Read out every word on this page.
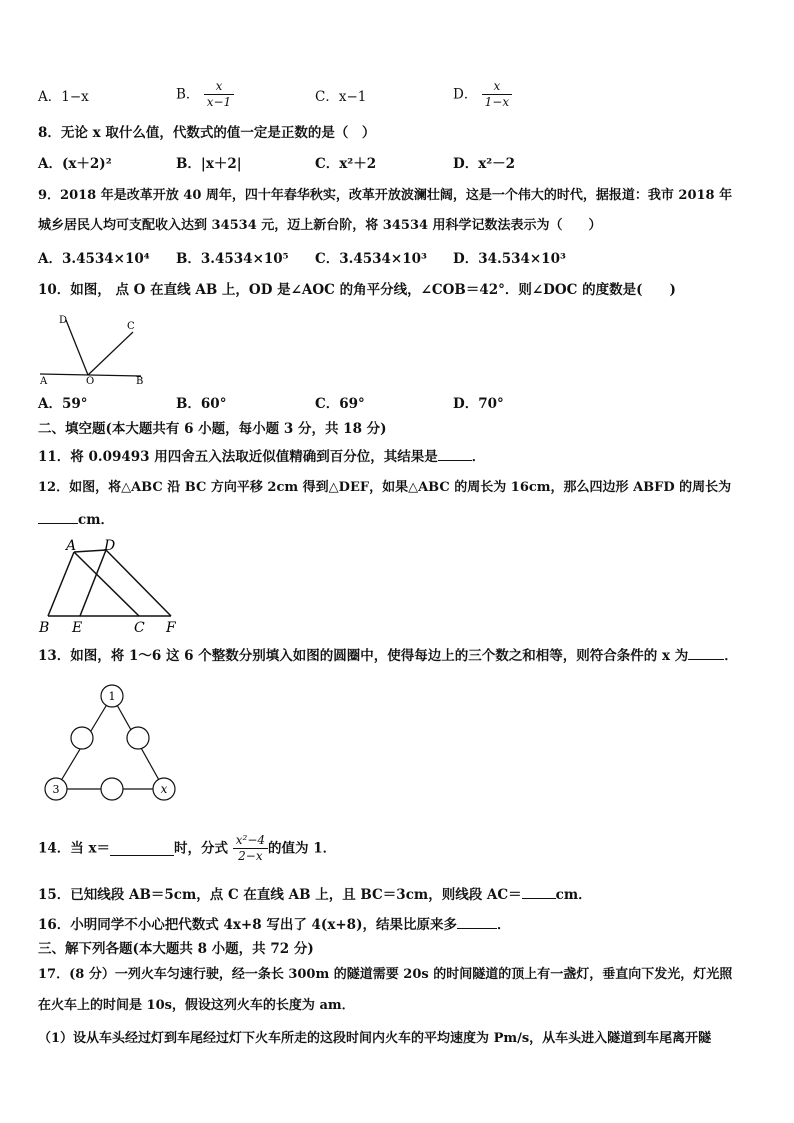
A．1−x	B． $\frac{x}{x-1}$	C．x−1	D． $\frac{x}{1-x}$
8．无论 x 取什么值，代数式的值一定是正数的是（　）
A．(x＋2)²	B．|x＋2|	C．x²＋2	D．x²－2
9．2018 年是改革开放 40 周年，四十年春华秋实，改革开放波澜壮阔，这是一个伟大的时代，据报道：我市 2018 年
城乡居民人均可支配收入达到 34534 元，迈上新台阶，将 34534 用科学记数法表示为（　　）
A．3.4534×10⁴ B．3.4534×10⁵ C．3.4534×10³ D．34.534×10³
10．如图， 点 O 在直线 AB 上，OD 是∠AOC 的角平分线，∠COB＝42°．则∠DOC 的度数是(　　)
A	O	B
C
D
A．59°	B．60°	C．69°	D．70°
二、填空题(本大题共有 6 小题，每小题 3 分，共 18 分)
11．将 0.09493 用四舍五入法取近似值精确到百分位，其结果是	．
12．如图，将△ABC 沿 BC 方向平移 2cm 得到△DEF，如果△ABC 的周长为 16cm，那么四边形 ABFD 的周长为
cm．
A D
B E	C F
13．如图，将 1～6 这 6 个整数分别填入如图的圆圈中，使得每边上的三个数之和相等，则符合条件的 x 为	．
1
3	x
14．当 x＝	时，分式 $\frac{\text{x²−4}}{2-x}$ 的值为 1．
15．已知线段 AB＝5cm，点 C 在直线 AB 上，且 BC＝3cm，则线段 AC＝	cm．
16．小明同学不小心把代数式 4x+8 写出了 4(x+8)，结果比原来多	．
三、解下列各题(本大题共 8 小题，共 72 分)
17．(8 分）一列火车匀速行驶，经一条长 300m 的隧道需要 20s 的时间隧道的顶上有一盏灯，垂直向下发光，灯光照
在火车上的时间是 10s，假设这列火车的长度为 am．
（1）设从车头经过灯到车尾经过灯下火车所走的这段时间内火车的平均速度为 Pm/s，从车头进入隧道到车尾离开隧
